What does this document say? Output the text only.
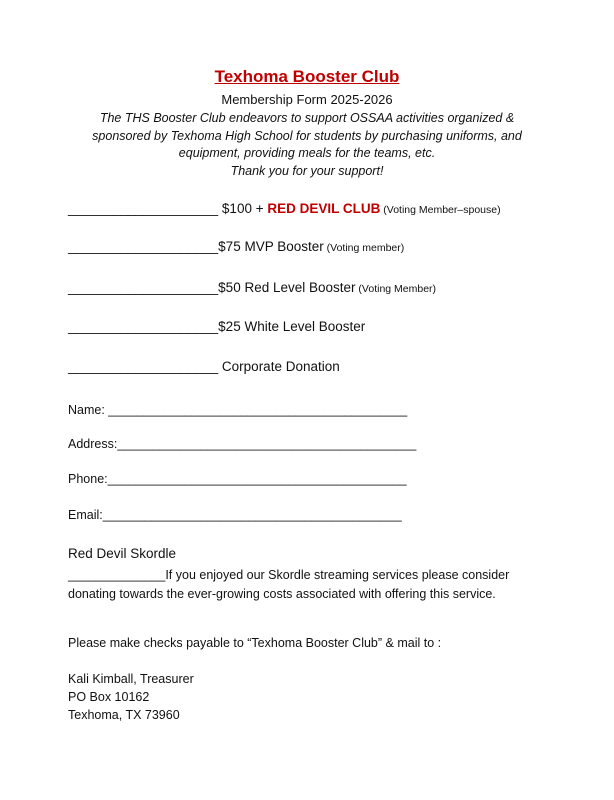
Texhoma Booster Club
Membership Form 2025-2026
The THS Booster Club endeavors to support OSSAA activities organized &
sponsored by Texhoma High School for students by purchasing uniforms, and
equipment, providing meals for the teams, etc.
Thank you for your support!
____________________ $100 + RED DEVIL CLUB (Voting Member–spouse)
____________________$75 MVP Booster (Voting member)
____________________$50 Red Level Booster (Voting Member)
____________________$25 White Level Booster
____________________ Corporate Donation
Name: ___________________________________________
Address:___________________________________________
Phone:___________________________________________
Email:___________________________________________
Red Devil Skordle
______________If you enjoyed our Skordle streaming services please consider donating towards the ever-growing costs associated with offering this service.
Please make checks payable to “Texhoma Booster Club” & mail to :
Kali Kimball, Treasurer
PO Box 10162
Texhoma, TX 73960
